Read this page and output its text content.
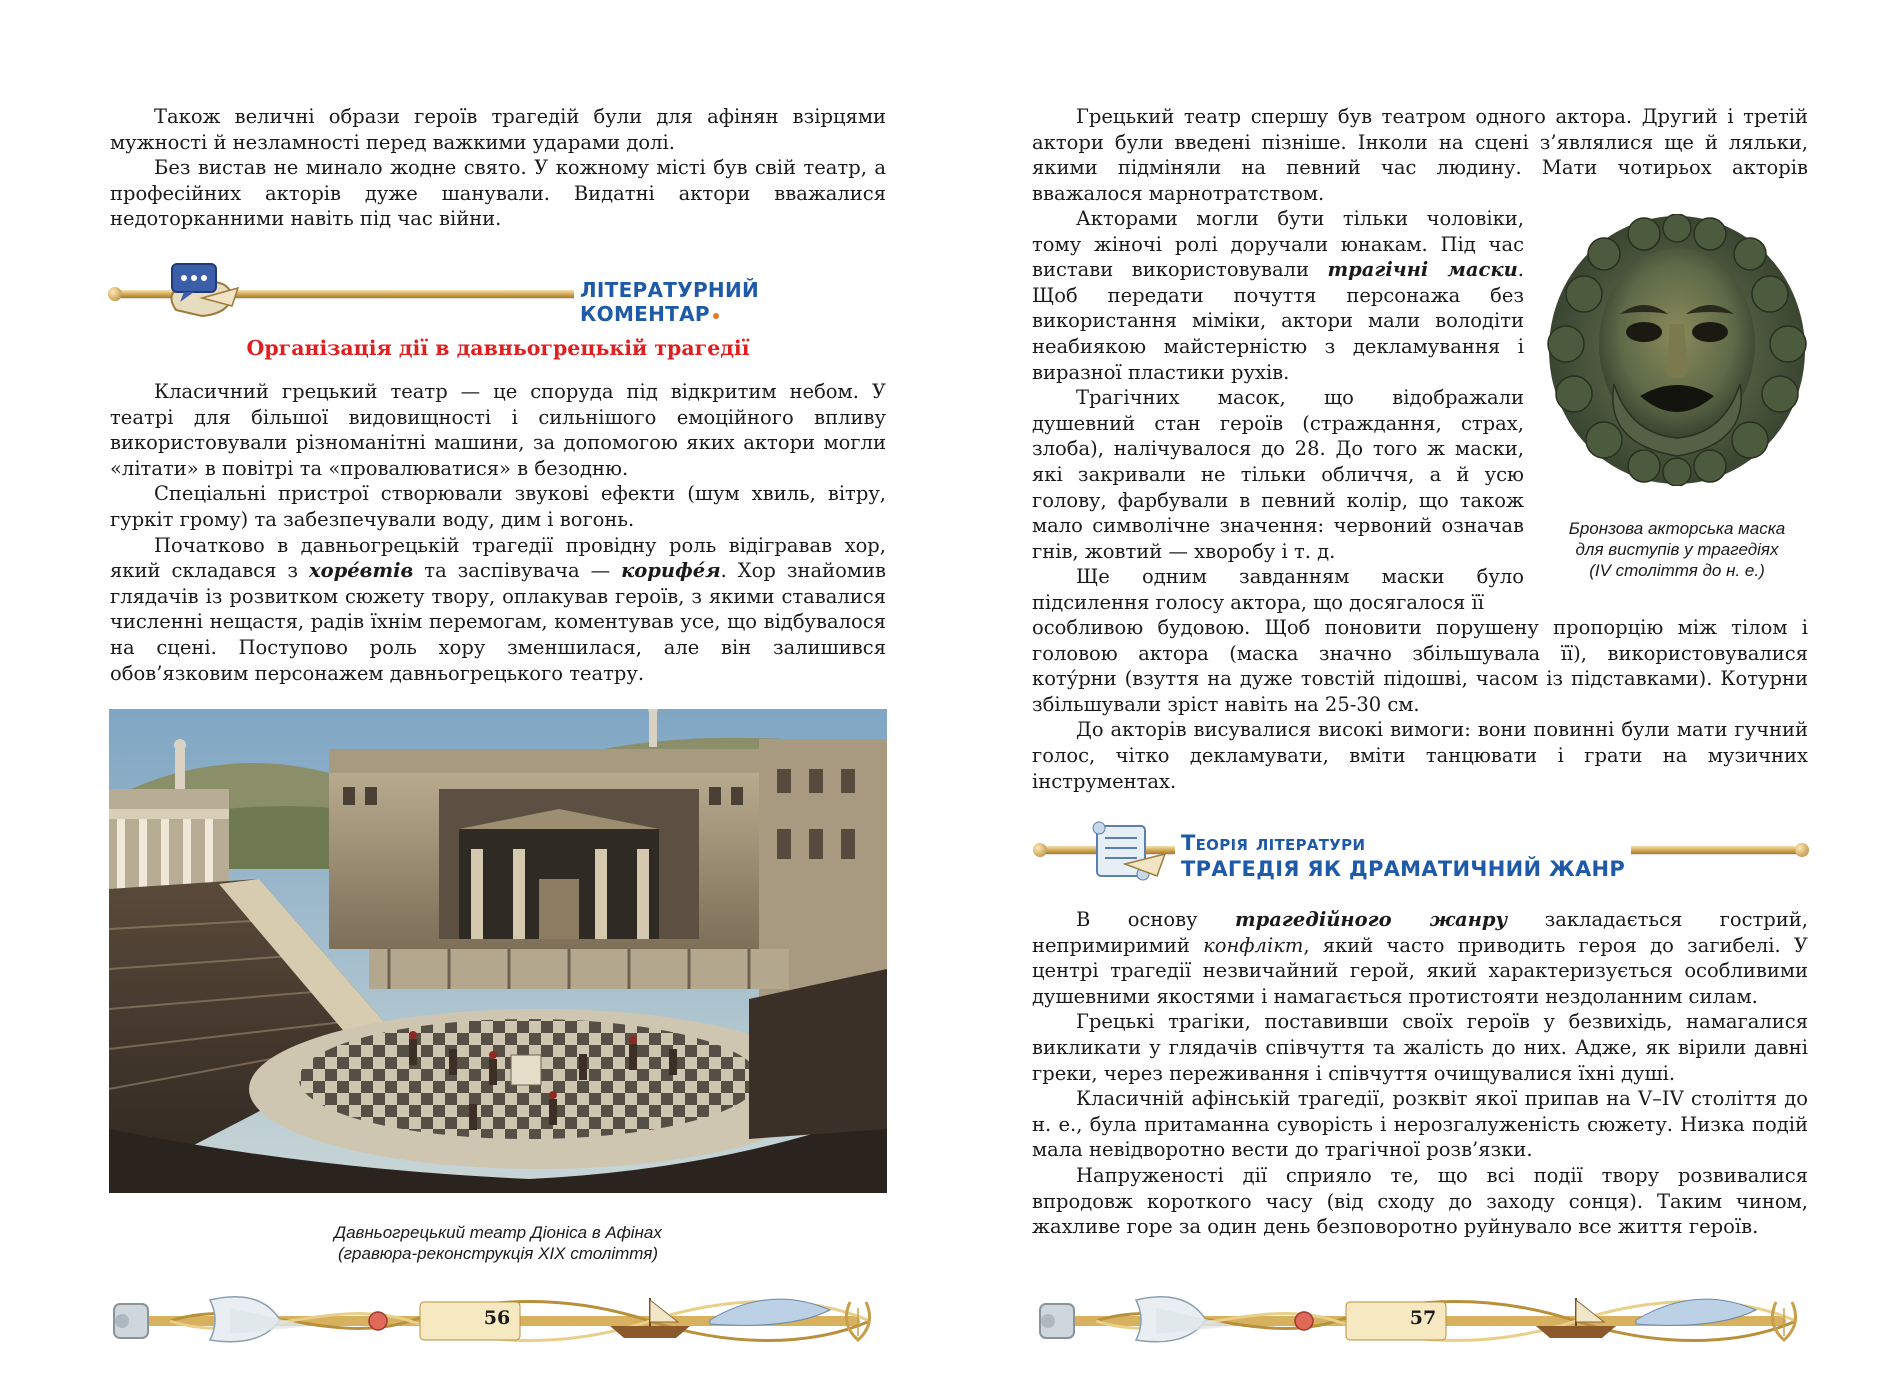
Також величні образи героїв трагедій були для афінян взірцями мужності й незламності перед важкими ударами долі.

Без вистав не минало жодне свято. У кожному місті був свій театр, а професійних акторів дуже шанували. Видатні актори вважалися недоторканними навіть під час війни.

ЛІТЕРАТУРНИЙ КОМЕНТАР
Організація дії в давньогрецькій трагедії

Класичний грецький театр — це споруда під відкритим небом. У театрі для більшої видовищності і сильнішого емоційного впливу використовували різноманітні машини, за допомогою яких актори могли «літати» в повітрі та «провалюватися» в безодню.

Спеціальні пристрої створювали звукові ефекти (шум хвиль, вітру, гуркіт грому) та забезпечували воду, дим і вогонь.

Початково в давньогрецькій трагедії провідну роль відігравав хор, який складався з хоре́втів та заспівувача — корифе́я. Хор знайомив глядачів із розвитком сюжету твору, оплакував героїв, з якими ставалися численні нещастя, радів їхнім перемогам, коментував усе, що відбувалося на сцені. Поступово роль хору зменшилася, але він залишився обов’язковим персонажем давньогрецького театру.

Давньогрецький театр Діоніса в Афінах
(гравюра-реконструкція XIX століття)
56

Грецький театр спершу був театром одного актора. Другий і третій актори були введені пізніше. Інколи на сцені з’являлися ще й ляльки, якими підміняли на певний час людину. Мати чотирьох акторів вважалося марнотратством.

Акторами могли бути тільки чоловіки, тому жіночі ролі доручали юнакам. Під час вистави використовували трагічні маски. Щоб передати почуття персонажа без використання міміки, актори мали володіти неабиякою майстерністю з декламування і виразної пластики рухів.

Трагічних масок, що відображали душевний стан героїв (страждання, страх, злоба), налічувалося до 28. До того ж маски, які закривали не тільки обличчя, а й усю голову, фарбували в певний колір, що також мало символічне значення: червоний означав гнів, жовтий — хворобу і т. д.

Ще одним завданням маски було підсилення голосу актора, що досягалося її

особливою будовою. Щоб поновити порушену пропорцію між тілом і головою актора (маска значно збільшувала її), використовувалися коту́рни (взуття на дуже товстій підошві, часом із підставками). Котурни збільшували зріст навіть на 25-30 см.

До акторів висувалися високі вимоги: вони повинні були мати гучний голос, чітко декламувати, вміти танцювати і грати на музичних інструментах.

Бронзова акторська маска
для виступів у трагедіях
(IV століття до н. е.)
Теорія літератури
ТРАГЕДІЯ ЯК ДРАМАТИЧНИЙ ЖАНР

В основу трагедійного жанру закладається гострий, непримиримий конфлікт, який часто приводить героя до загибелі. У центрі трагедії незвичайний герой, який характеризується особливими душевними якостями і намагається протистояти нездоланним силам.

Грецькі трагіки, поставивши своїх героїв у безвихідь, намагалися викликати у глядачів співчуття та жалість до них. Адже, як вірили давні греки, через переживання і співчуття очищувалися їхні душі.

Класичній афінській трагедії, розквіт якої припав на V–IV століття до н. е., була притаманна суворість і нерозгалуженість сюжету. Низка подій мала невідворотно вести до трагічної розв’язки.

Напруженості дії сприяло те, що всі події твору розвивалися впродовж короткого часу (від сходу до заходу сонця). Таким чином, жахливе горе за один день безповоротно руйнувало все життя героїв.

57
